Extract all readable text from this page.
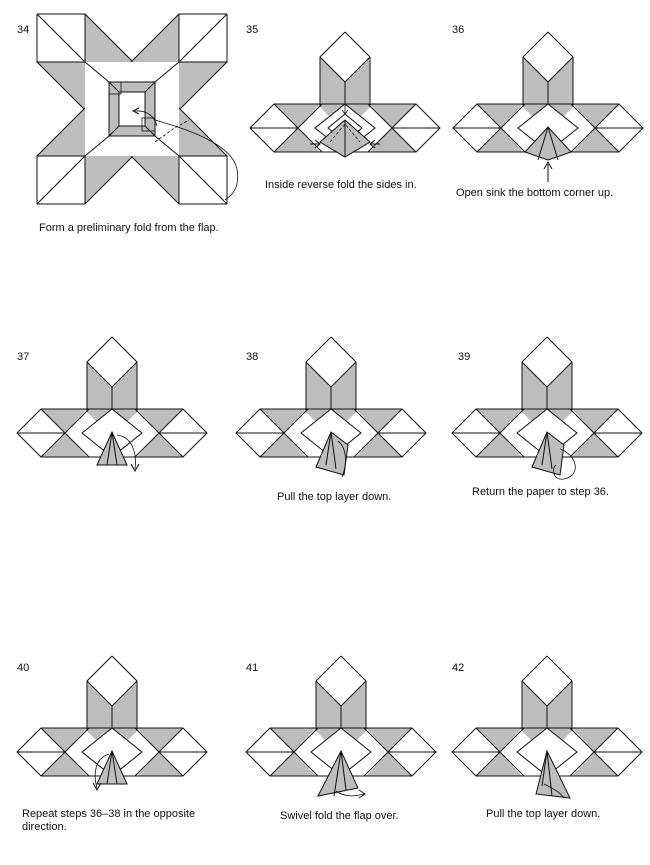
34
Form a preliminary fold from the flap.
35
Inside reverse fold the sides in.
36
Open sink the bottom corner up.
37	38
Pull the top layer down.
39
Return the paper to step 36.
40
Repeat steps 36–38 in the opposite direction.
41
Swivel fold the flap over.
42
Pull the top layer down.
